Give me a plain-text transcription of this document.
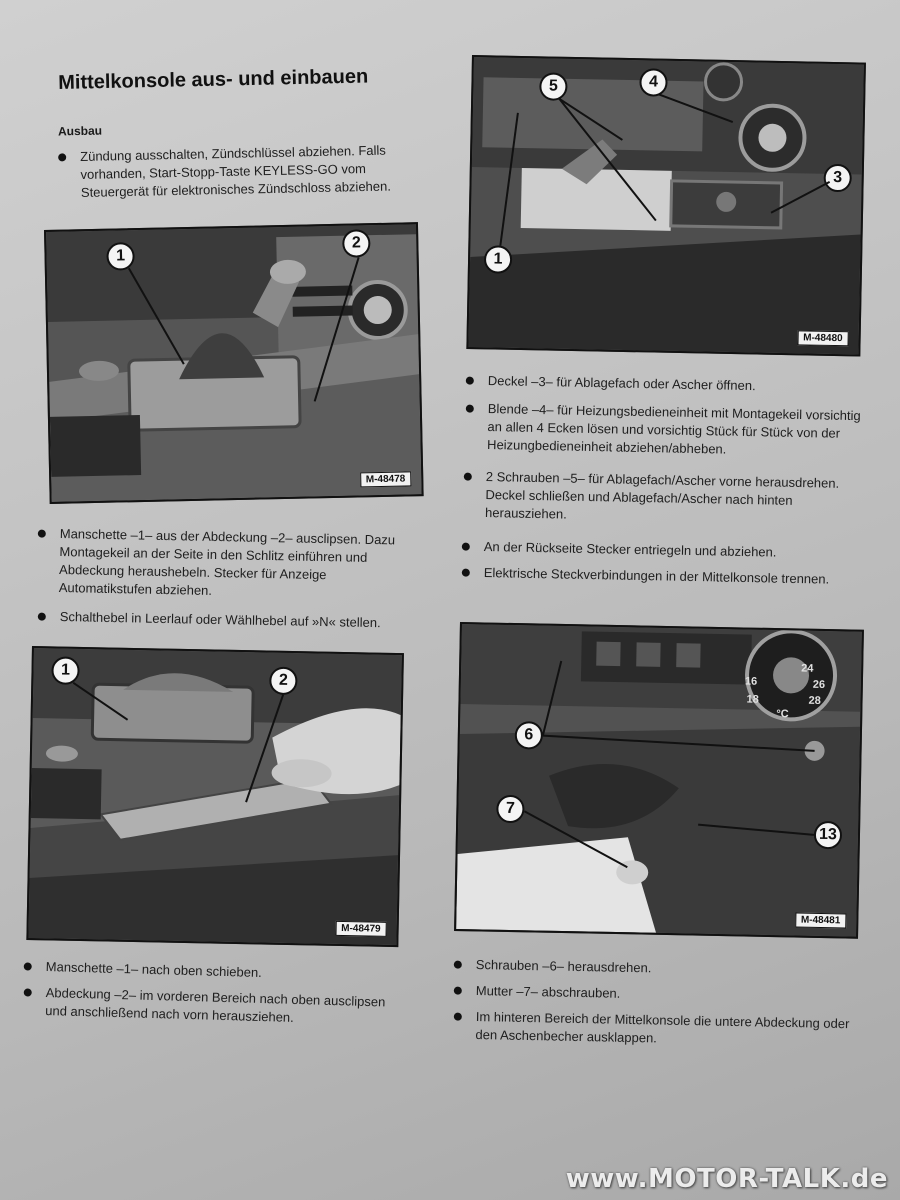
Mittelkonsole aus- und einbauen
Ausbau
Zündung ausschalten, Zündschlüssel abziehen. Falls vorhanden, Start-Stopp-Taste KEYLESS-GO vom Steuergerät für elektronisches Zündschloss abziehen.
1
2
M-48478
Manschette –1– aus der Abdeckung –2– ausclipsen. Dazu Montagekeil an der Seite in den Schlitz einführen und Abdeckung heraushebeln. Stecker für Anzeige Automatikstufen abziehen.
Schalthebel in Leerlauf oder Wählhebel auf »N« stellen.
1
2
M-48479
Manschette –1– nach oben schieben.
Abdeckung –2– im vorderen Bereich nach oben ausclipsen und anschließend nach vorn herausziehen.
5	4
3
1
M-48480
Deckel –3– für Ablagefach oder Ascher öffnen.
Blende –4– für Heizungsbedieneinheit mit Montagekeil vorsichtig an allen 4 Ecken lösen und vorsichtig Stück für Stück von der Heizungbedieneinheit abziehen/abheben.
2 Schrauben –5– für Ablagefach/Ascher vorne herausdrehen. Deckel schließen und Ablagefach/Ascher nach hinten herausziehen.
An der Rückseite Stecker entriegeln und abziehen.
Elektrische Steckverbindungen in der Mittelkonsole trennen.
6
7
13
24
16	26
18	28
°C
M-48481
Schrauben –6– herausdrehen.
Mutter –7– abschrauben.
Im hinteren Bereich der Mittelkonsole die untere Abdeckung oder den Aschenbecher ausklappen.
www.MOTOR-TALK.de
